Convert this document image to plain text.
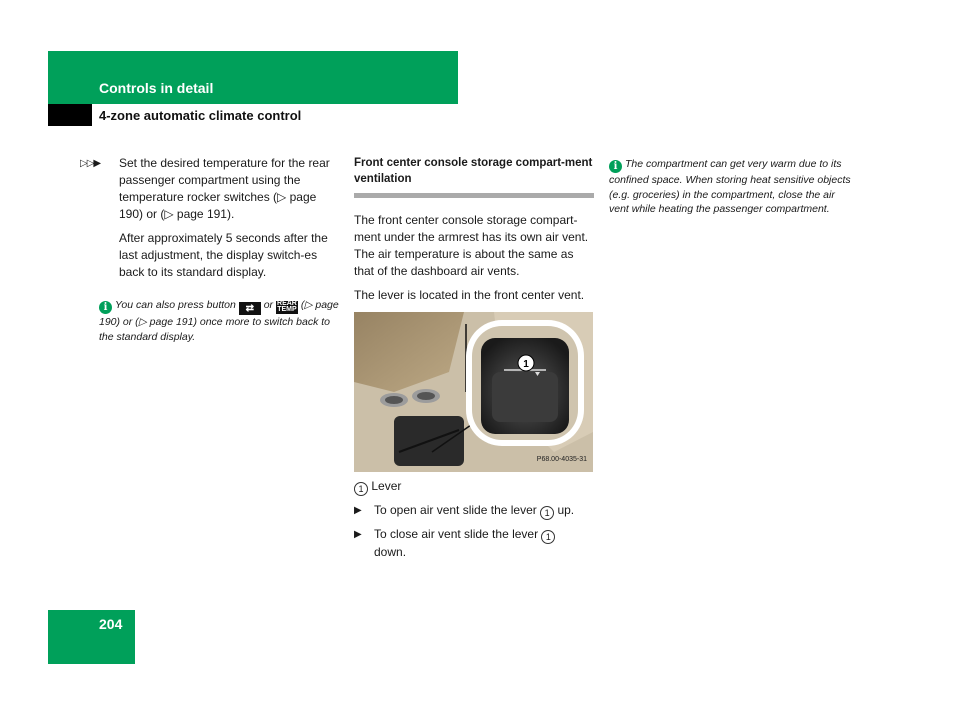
Controls in detail
4-zone automatic climate control
▷▷▶ Set the desired temperature for the rear passenger compartment using the temperature rocker switches (▷ page 190) or (▷ page 191).

After approximately 5 seconds after the last adjustment, the display switch-es back to its standard display.

i You can also press button ⇄ or REAR
TEMP (▷ page 190) or (▷ page 191) once more to switch back to the standard display.
Front center console storage compart-ment ventilation

The front center console storage compart-ment under the armrest has its own air vent. The air temperature is about the same as that of the dashboard air vents.

The lever is located in the front center vent.

1
P68.00-4035-31
1 Lever
▶ To open air vent slide the lever 1 up.
▶ To close air vent slide the lever 1
down.
i The compartment can get very warm due to its confined space. When storing heat sensitive objects (e.g. groceries) in the compartment, close the air vent while heating the passenger compartment.
204
